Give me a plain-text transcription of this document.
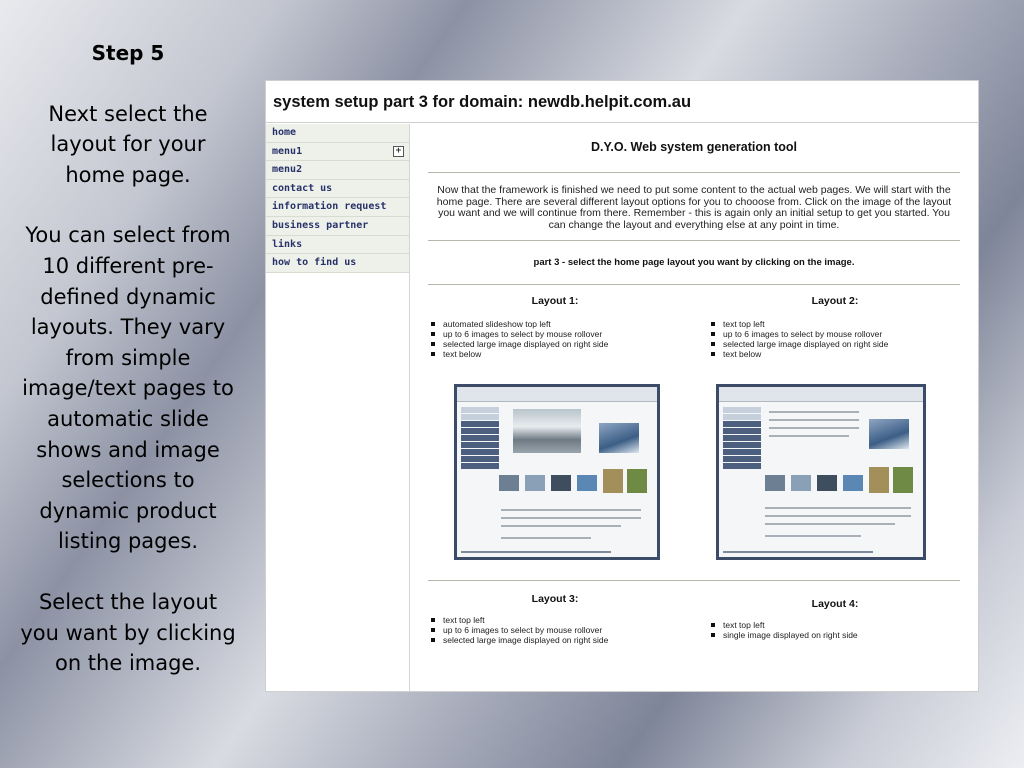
Step 5

Next select the layout for your home page.

You can select from 10 different pre-defined dynamic layouts. They vary from simple image/text pages to automatic slide shows and image selections to dynamic product listing pages.

Select the layout you want by clicking on the image.

system setup part 3 for domain: newdb.helpit.com.au
home
menu1	+
menu2
contact us
information request
business partner
links
how to find us
D.Y.O. Web system generation tool
Now that the framework is finished we need to put some content to the actual web pages. We will start with the home page. There are several different layout options for you to chooose from. Click on the image of the layout you want and we will continue from there. Remember - this is again only an initial setup to get you started. You can change the layout and everything else at any point in time.
part 3 - select the home page layout you want by clicking on the image.
Layout 1:
automated slideshow top left
up to 6 images to select by mouse rollover
selected large image displayed on right side
text below
Layout 2:
text top left
up to 6 images to select by mouse rollover
selected large image displayed on right side
text below
Layout 3:
text top left
up to 6 images to select by mouse rollover
selected large image displayed on right side
Layout 4:
text top left
single image displayed on right side
